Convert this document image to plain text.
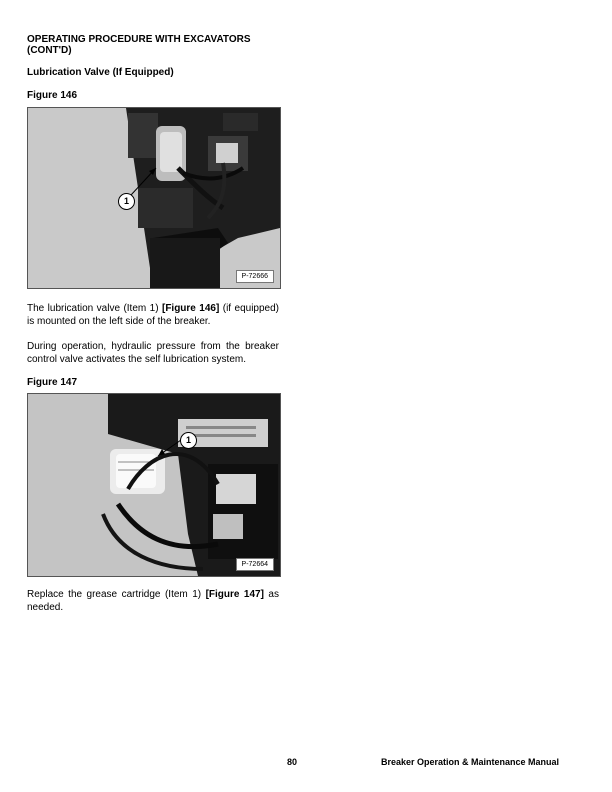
OPERATING PROCEDURE WITH EXCAVATORS (CONT'D)
Lubrication Valve (If Equipped)
Figure 146
1
P-72666
The lubrication valve (Item 1) [Figure 146] (if equipped) is mounted on the left side of the breaker.
During operation, hydraulic pressure from the breaker control valve activates the self lubrication system.
Figure 147
1
P-72664
Replace the grease cartridge (Item 1) [Figure 147] as needed.
80	Breaker Operation & Maintenance Manual
